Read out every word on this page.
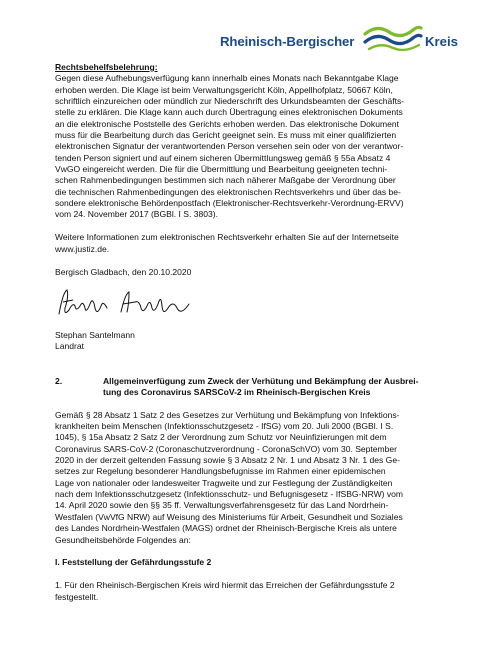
Rheinisch-Bergischer	Kreis

Rechtsbehelfsbelehrung:

Gegen diese Aufhebungsverfügung kann innerhalb eines Monats nach Bekanntgabe Klage
erhoben werden. Die Klage ist beim Verwaltungsgericht Köln, Appellhofplatz, 50667 Köln,
schriftlich einzureichen oder mündlich zur Niederschrift des Urkundsbeamten der Geschäfts-
stelle zu erklären. Die Klage kann auch durch Übertragung eines elektronischen Dokuments
an die elektronische Poststelle des Gerichts erhoben werden. Das elektronische Dokument
muss für die Bearbeitung durch das Gericht geeignet sein. Es muss mit einer qualifizierten
elektronischen Signatur der verantwortenden Person versehen sein oder von der verantwor-
tenden Person signiert und auf einem sicheren Übermittlungsweg gemäß § 55a Absatz 4
VwGO eingereicht werden. Die für die Übermittlung und Bearbeitung geeigneten techni-
schen Rahmenbedingungen bestimmen sich nach näherer Maßgabe der Verordnung über
die technischen Rahmenbedingungen des elektronischen Rechtsverkehrs und über das be-
sondere elektronische Behördenpostfach (Elektronischer-Rechtsverkehr-Verordnung-ERVV)
vom 24. November 2017 (BGBl. I S. 3803).
Weitere Informationen zum elektronischen Rechtsverkehr erhalten Sie auf der Internetseite
www.justiz.de.
Bergisch Gladbach, den 20.10.2020
Stephan Santelmann
Landrat
2.	Allgemeinverfügung zum Zweck der Verhütung und Bekämpfung der Ausbrei-
tung des Coronavirus SARSCoV-2 im Rheinisch-Bergischen Kreis
Gemäß § 28 Absatz 1 Satz 2 des Gesetzes zur Verhütung und Bekämpfung von Infektions-
krankheiten beim Menschen (Infektionsschutzgesetz - IfSG) vom 20. Juli 2000 (BGBl. I S.
1045), § 15a Absatz 2 Satz 2 der Verordnung zum Schutz vor Neuinfizierungen mit dem
Coronavirus SARS-CoV-2 (Coronaschutzverordnung - CoronaSchVO) vom 30. September
2020 in der derzeit geltenden Fassung sowie § 3 Absatz 2 Nr. 1 und Absatz 3 Nr. 1 des Ge-
setzes zur Regelung besonderer Handlungsbefugnisse im Rahmen einer epidemischen
Lage von nationaler oder landesweiter Tragweite und zur Festlegung der Zuständigkeiten
nach dem Infektionsschutzgesetz (Infektionsschutz- und Befugnisgesetz - IfSBG-NRW) vom
14. April 2020 sowie den §§ 35 ff. Verwaltungsverfahrensgesetz für das Land Nordrhein-
Westfalen (VwVfG NRW) auf Weisung des Ministeriums für Arbeit, Gesundheit und Soziales
des Landes Nordrhein-Westfalen (MAGS) ordnet der Rheinisch-Bergische Kreis als untere
Gesundheitsbehörde Folgendes an:
I. Feststellung der Gefährdungsstufe 2
1. Für den Rheinisch-Bergischen Kreis wird hiermit das Erreichen der Gefährdungsstufe 2
festgestellt.
